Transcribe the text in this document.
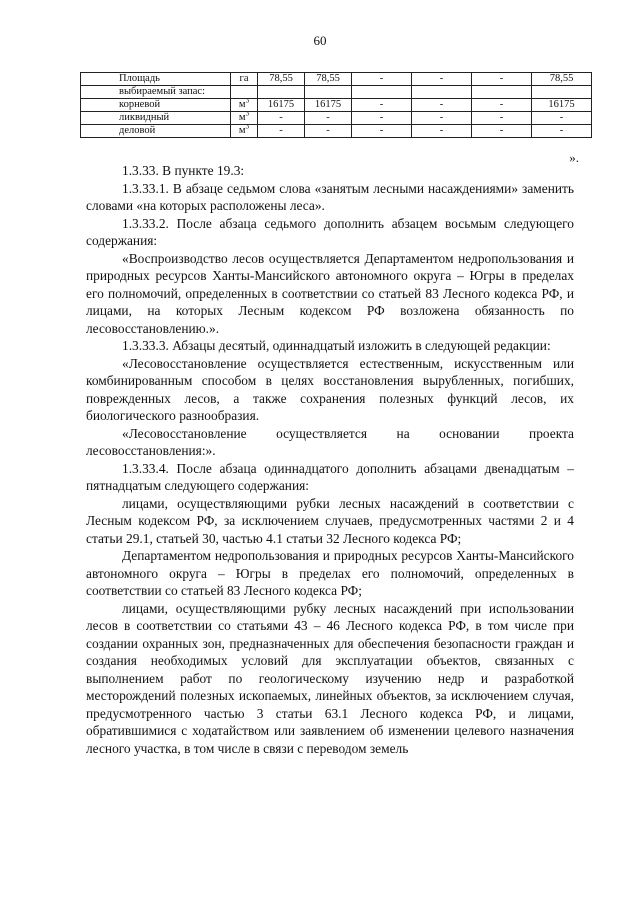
60
Площадь	га	78,55	78,55	-	-	-	78,55
выбираемый запас:							
корневой	$м^3$	16175	16175	-	-	-	16175
ликвидный	$м^3$	-	-	-	-	-	-
деловой	$м^3$	-	-	-	-	-	-
».

1.3.33. В пункте 19.3:

1.3.33.1. В абзаце седьмом слова «занятым лесными насаждениями» заменить словами «на которых расположены леса».

1.3.33.2. После абзаца седьмого дополнить абзацем восьмым следующего содержания:

«Воспроизводство лесов осуществляется Департаментом недропользования и природных ресурсов Ханты-Мансийского автономного округа – Югры в пределах его полномочий, определенных в соответствии со статьей 83 Лесного кодекса РФ, и лицами, на которых Лесным кодексом РФ возложена обязанность по лесовосстановлению.».

1.3.33.3. Абзацы десятый, одиннадцатый изложить в следующей редакции:

«Лесовосстановление осуществляется естественным, искусственным или комбинированным способом в целях восстановления вырубленных, погибших, поврежденных лесов, а также сохранения полезных функций лесов, их биологического разнообразия.

«Лесовосстановление осуществляется на основании проекта лесовосстановления:».

1.3.33.4. После абзаца одиннадцатого дополнить абзацами двенадцатым – пятнадцатым следующего содержания:

лицами, осуществляющими рубки лесных насаждений в соответствии с Лесным кодексом РФ, за исключением случаев, предусмотренных частями 2 и 4 статьи 29.1, статьей 30, частью 4.1 статьи 32 Лесного кодекса РФ;

Департаментом недропользования и природных ресурсов Ханты-Мансийского автономного округа – Югры в пределах его полномочий, определенных в соответствии со статьей 83 Лесного кодекса РФ;

лицами, осуществляющими рубку лесных насаждений при использовании лесов в соответствии со статьями 43 – 46 Лесного кодекса РФ, в том числе при создании охранных зон, предназначенных для обеспечения безопасности граждан и создания необходимых условий для эксплуатации объектов, связанных с выполнением работ по геологическому изучению недр и разработкой месторождений полезных ископаемых, линейных объектов, за исключением случая, предусмотренного частью 3 статьи 63.1 Лесного кодекса РФ, и лицами, обратившимися с ходатайством или заявлением об изменении целевого назначения лесного участка, в том числе в связи с переводом земель
